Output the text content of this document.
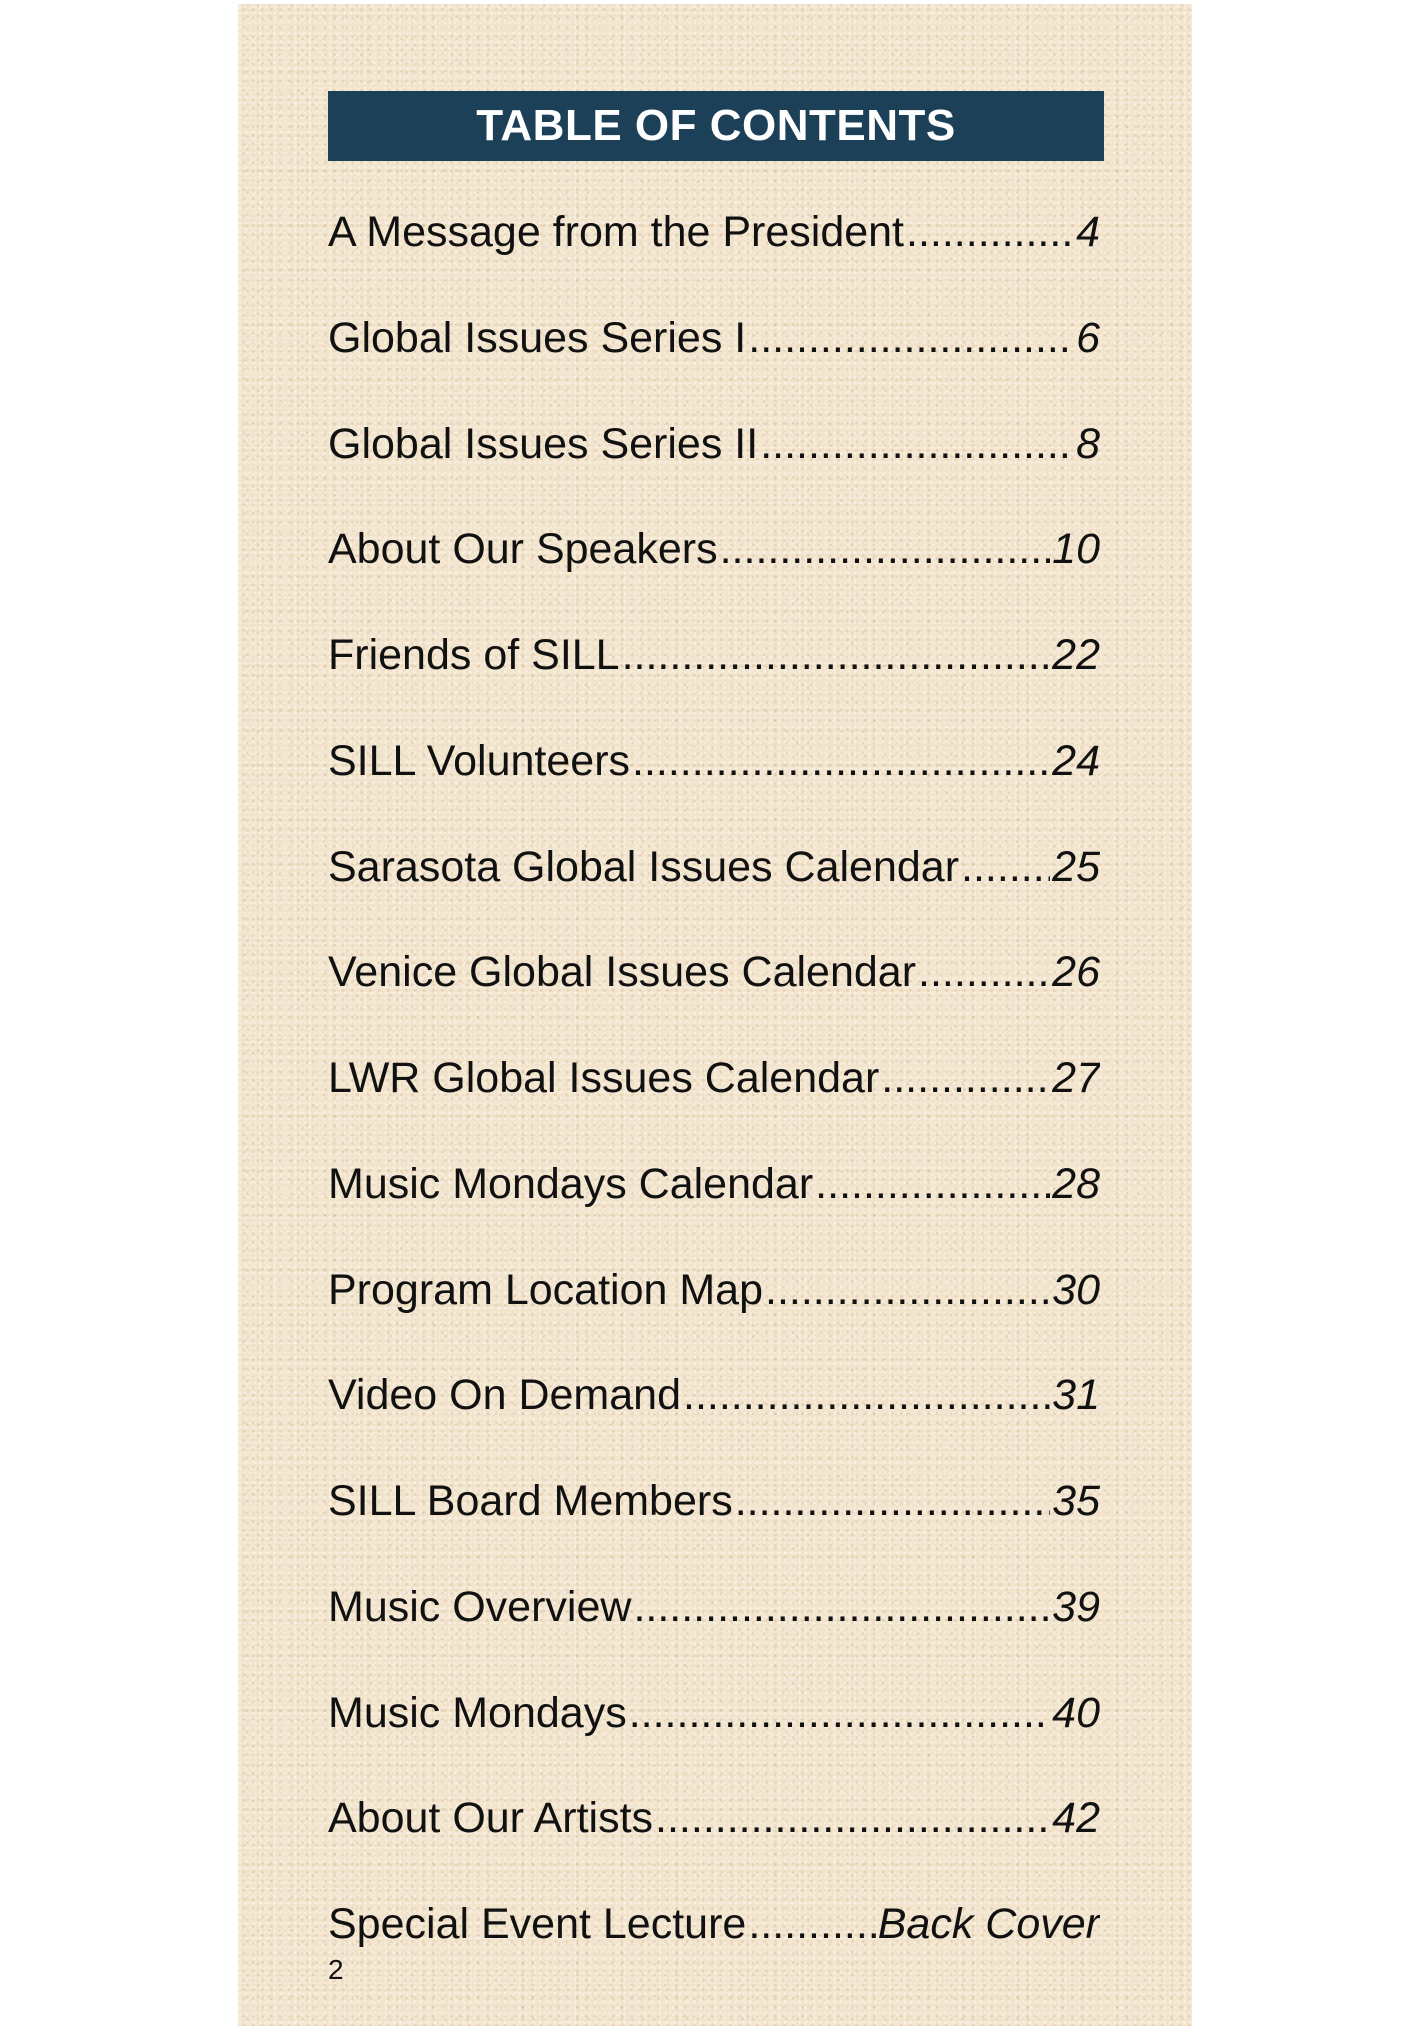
TABLE OF CONTENTS
A Message from the President .....	4
Global Issues Series I .....	6
Global Issues Series II .....	8
About Our Speakers .....	10
Friends of SILL .....	22
SILL Volunteers .....	24
Sarasota Global Issues Calendar ..... 25
Venice Global Issues Calendar .....	26
LWR Global Issues Calendar .....	27
Music Mondays Calendar .....	28
Program Location Map .....	30
Video On Demand .....	31
SILL Board Members .....	35
Music Overview .....	39
Music Mondays .....	40
About Our Artists .....	42
Special Event Lecture .....	Back Cover
2
